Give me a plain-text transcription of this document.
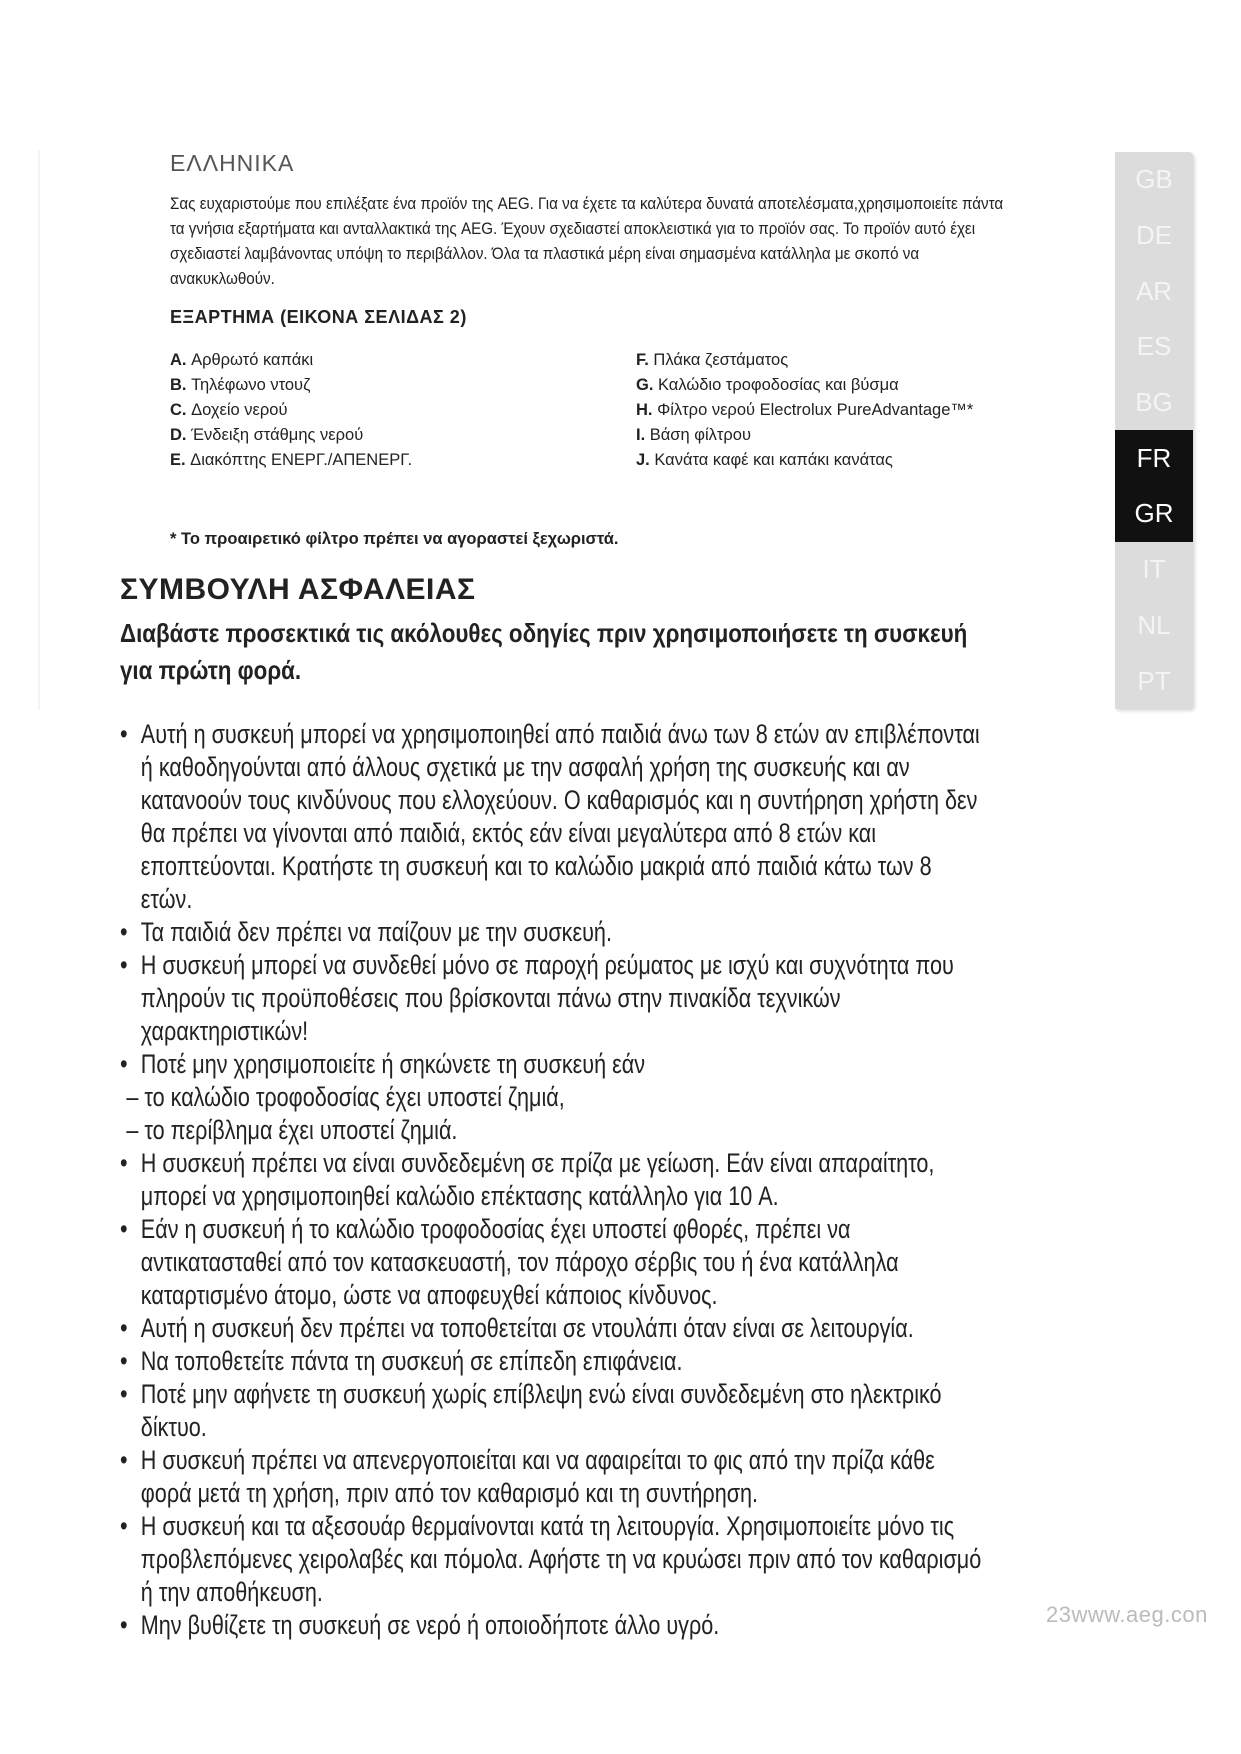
ΕΛΛΗΝΙΚΑ
Σας ευχαριστούμε που επιλέξατε ένα προϊόν της AEG. Για να έχετε τα καλύτερα δυνατά αποτελέσματα,χρησιμοποιείτε πάντα τα γνήσια εξαρτήματα και ανταλλακτικά της AEG. Έχουν σχεδιαστεί αποκλειστικά για το προϊόν σας. Το προϊόν αυτό έχει σχεδιαστεί λαμβάνοντας υπόψη το περιβάλλον. Όλα τα πλαστικά μέρη είναι σημασμένα κατάλληλα με σκοπό να ανακυκλωθούν.
ΕΞΑΡΤΗΜΑ (ΕΙΚΟΝΑ ΣΕΛΙΔΑΣ 2)
A. Αρθρωτό καπάκι
B. Τηλέφωνο ντουζ
C. Δοχείο νερού
D. Ένδειξη στάθμης νερού
E. Διακόπτης ΕΝΕΡΓ./ΑΠΕΝΕΡΓ.
F. Πλάκα ζεστάματος
G. Καλώδιο τροφοδοσίας και βύσμα
H. Φίλτρο νερού Electrolux PureAdvantage™*
I. Βάση φίλτρου
J. Κανάτα καφέ και καπάκι κανάτας
* Το προαιρετικό φίλτρο πρέπει να αγοραστεί ξεχωριστά.
ΣΥΜΒΟΥΛΗ ΑΣΦΑΛΕΙΑΣ
Διαβάστε προσεκτικά τις ακόλουθες οδηγίες πριν χρησιμοποιήσετε τη συσκευή για πρώτη φορά.
• Αυτή η συσκευή μπορεί να χρησιμοποιηθεί από παιδιά άνω των 8 ετών αν επιβλέπονται ή καθοδηγούνται από άλλους σχετικά με την ασφαλή χρήση της συσκευής και αν κατανοούν τους κινδύνους που ελλοχεύουν. Ο καθαρισμός και η συντήρηση χρήστη δεν θα πρέπει να γίνονται από παιδιά, εκτός εάν είναι μεγαλύτερα από 8 ετών και εποπτεύονται. Κρατήστε τη συσκευή και το καλώδιο μακριά από παιδιά κάτω των 8 ετών.
• Τα παιδιά δεν πρέπει να παίζουν με την συσκευή.
• Η συσκευή μπορεί να συνδεθεί μόνο σε παροχή ρεύματος με ισχύ και συχνότητα που πληρούν τις προϋποθέσεις που βρίσκονται πάνω στην πινακίδα τεχνικών χαρακτηριστικών!
• Ποτέ μην χρησιμοποιείτε ή σηκώνετε τη συσκευή εάν
– το καλώδιο τροφοδοσίας έχει υποστεί ζημιά,
– το περίβλημα έχει υποστεί ζημιά.
• Η συσκευή πρέπει να είναι συνδεδεμένη σε πρίζα με γείωση. Εάν είναι απαραίτητο, μπορεί να χρησιμοποιηθεί καλώδιο επέκτασης κατάλληλο για 10 A.
• Εάν η συσκευή ή το καλώδιο τροφοδοσίας έχει υποστεί φθορές, πρέπει να αντικατασταθεί από τον κατασκευαστή, τον πάροχο σέρβις του ή ένα κατάλληλα καταρτισμένο άτομο, ώστε να αποφευχθεί κάποιος κίνδυνος.
• Αυτή η συσκευή δεν πρέπει να τοποθετείται σε ντουλάπι όταν είναι σε λειτουργία.
• Να τοποθετείτε πάντα τη συσκευή σε επίπεδη επιφάνεια.
• Ποτέ μην αφήνετε τη συσκευή χωρίς επίβλεψη ενώ είναι συνδεδεμένη στο ηλεκτρικό δίκτυο.
• Η συσκευή πρέπει να απενεργοποιείται και να αφαιρείται το φις από την πρίζα κάθε φορά μετά τη χρήση, πριν από τον καθαρισμό και τη συντήρηση.
• Η συσκευή και τα αξεσουάρ θερμαίνονται κατά τη λειτουργία. Χρησιμοποιείτε μόνο τις προβλεπόμενες χειρολαβές και πόμολα. Αφήστε τη να κρυώσει πριν από τον καθαρισμό ή την αποθήκευση.
• Μην βυθίζετε τη συσκευή σε νερό ή οποιοδήποτε άλλο υγρό.
GB
DE
AR
ES
BG
FR
GR
IT
NL
PT
23www.aeg.con
